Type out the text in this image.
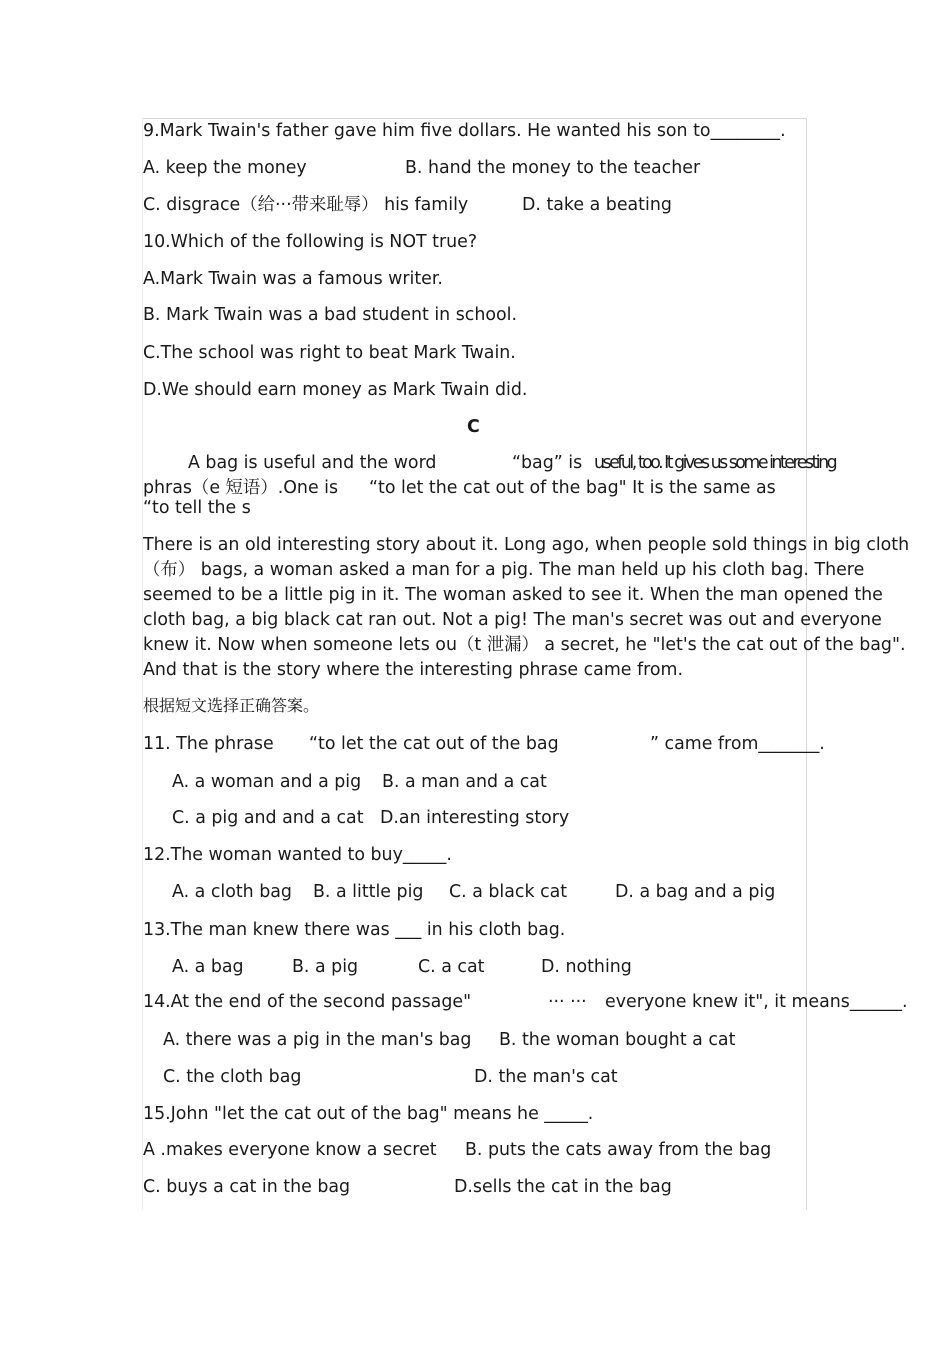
9.Mark Twain's father gave him five dollars. He wanted his son to________.
A. keep the money	B. hand the money to the teacher
C. disgrace（给···带来耻辱） his family	D. take a beating
10.Which of the following is NOT true?
A.Mark Twain was a famous writer.
B. Mark Twain was a bad student in school.
C.The school was right to beat Mark Twain.
D.We should earn money as Mark Twain did.
C
A bag is useful and the word	“bag” is useful, too. It gives us some interesting
phras（e 短语）.One is “to let the cat out of the bag" It is the same as
“to tell the s
There is an old interesting story about it. Long ago, when people sold things in big cloth（布） bags, a woman asked a man for a pig. The man held up his cloth bag. There seemed to be a little pig in it. The woman asked to see it. When the man opened the cloth bag, a big black cat ran out. Not a pig! The man's secret was out and everyone knew it. Now when someone lets ou（t 泄漏） a secret, he "let's the cat out of the bag". And that is the story where the interesting phrase came from.
根据短文选择正确答案。
11. The phrase “to let the cat out of the bag	” came from_______.
A. a woman and a pig B. a man and a cat
C. a pig and and a cat D.an interesting story
12.The woman wanted to buy_____.
A. a cloth bag B. a little pig C. a black cat	D. a bag and a pig
13.The man knew there was ___ in his cloth bag.
A. a bag	B. a pig	C. a cat	D. nothing
14.At the end of the second passage"	··· ··· everyone knew it", it means______.
A. there was a pig in the man's bag B. the woman bought a cat
C. the cloth bag	D. the man's cat
15.John "let the cat out of the bag" means he _____.
A .makes everyone know a secret B. puts the cats away from the bag
C. buys a cat in the bag	D.sells the cat in the bag
